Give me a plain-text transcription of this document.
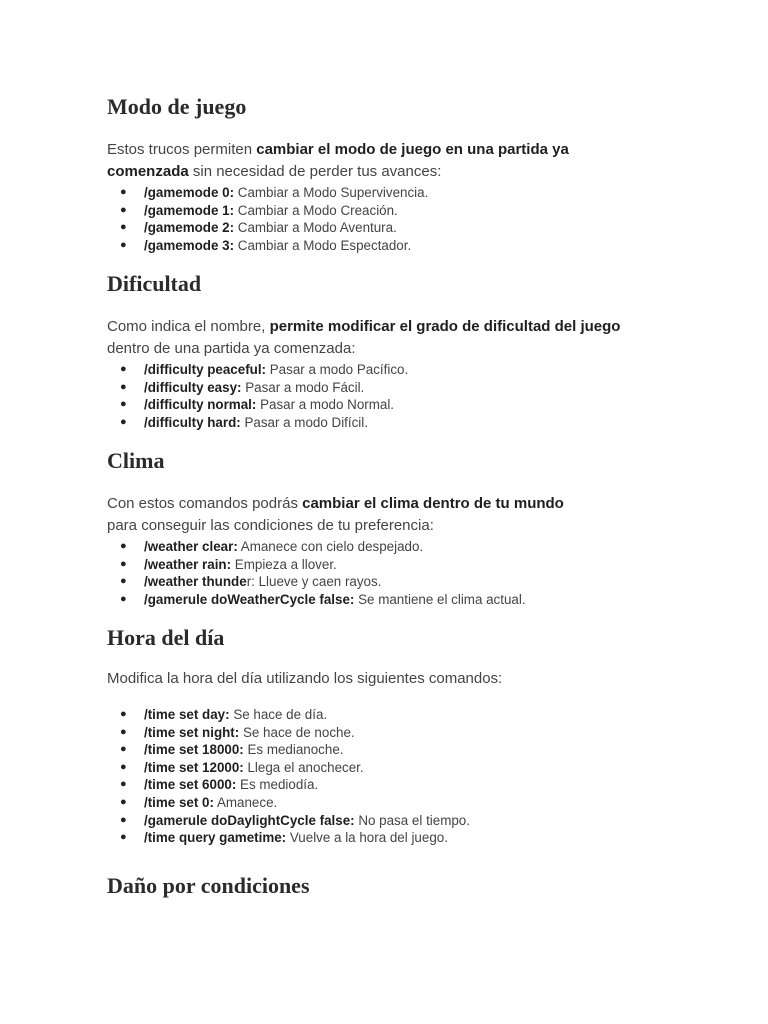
Modo de juego

Estos trucos permiten cambiar el modo de juego en una partida ya comenzada sin necesidad de perder tus avances:

● /gamemode 0: Cambiar a Modo Supervivencia.
● /gamemode 1: Cambiar a Modo Creación.
● /gamemode 2: Cambiar a Modo Aventura.
● /gamemode 3: Cambiar a Modo Espectador.
Dificultad

Como indica el nombre, permite modificar el grado de dificultad del juego dentro de una partida ya comenzada:

● /difficulty peaceful: Pasar a modo Pacífico.
● /difficulty easy: Pasar a modo Fácil.
● /difficulty normal: Pasar a modo Normal.
● /difficulty hard: Pasar a modo Difícil.
Clima

Con estos comandos podrás cambiar el clima dentro de tu mundo para conseguir las condiciones de tu preferencia:

● /weather clear: Amanece con cielo despejado.
● /weather rain: Empieza a llover.
● /weather thunder: Llueve y caen rayos.
● /gamerule doWeatherCycle false: Se mantiene el clima actual.
Hora del día

Modifica la hora del día utilizando los siguientes comandos:

● /time set day: Se hace de día.
● /time set night: Se hace de noche.
● /time set 18000: Es medianoche.
● /time set 12000: Llega el anochecer.
● /time set 6000: Es mediodía.
● /time set 0: Amanece.
● /gamerule doDaylightCycle false: No pasa el tiempo.
● /time query gametime: Vuelve a la hora del juego.
Daño por condiciones
